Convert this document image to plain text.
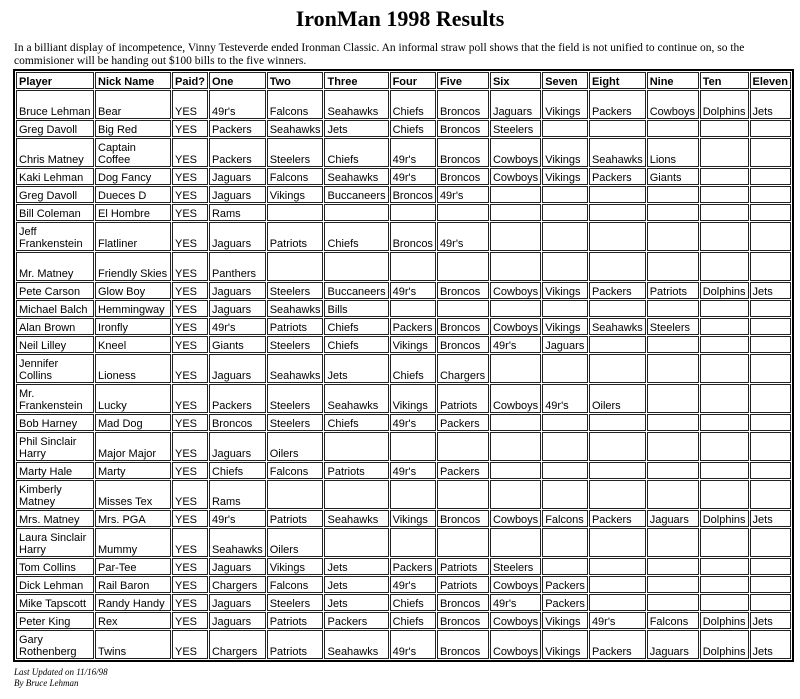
IronMan 1998 Results
In a billiant display of incompetence, Vinny Testeverde ended Ironman Classic. An informal straw poll shows that the field is not unified to continue on, so the commisioner will be handing out $100 bills to the five winners.
Player	Nick Name	Paid?	One	Two	Three	Four	Five	Six	Seven	Eight	Nine	Ten	Eleven
Bruce Lehman	Bear	YES	49r's	Falcons	Seahawks	Chiefs	Broncos	Jaguars	Vikings	Packers	Cowboys	Dolphins	Jets
Greg Davoll	Big Red	YES	Packers	Seahawks	Jets	Chiefs	Broncos	Steelers					
Chris Matney	Captain Coffee	YES	Packers	Steelers	Chiefs	49r's	Broncos	Cowboys	Vikings	Seahawks	Lions		
Kaki Lehman	Dog Fancy	YES	Jaguars	Falcons	Seahawks	49r's	Broncos	Cowboys	Vikings	Packers	Giants		
Greg Davoll	Dueces D	YES	Jaguars	Vikings	Buccaneers	Broncos	49r's						
Bill Coleman	El Hombre	YES	Rams										
Jeff Frankenstein	Flatliner	YES	Jaguars	Patriots	Chiefs	Broncos	49r's						
Mr. Matney	Friendly Skies	YES	Panthers										
Pete Carson	Glow Boy	YES	Jaguars	Steelers	Buccaneers	49r's	Broncos	Cowboys	Vikings	Packers	Patriots	Dolphins	Jets
Michael Balch	Hemmingway	YES	Jaguars	Seahawks	Bills								
Alan Brown	Ironfly	YES	49r's	Patriots	Chiefs	Packers	Broncos	Cowboys	Vikings	Seahawks	Steelers		
Neil Lilley	Kneel	YES	Giants	Steelers	Chiefs	Vikings	Broncos	49r's	Jaguars				
Jennifer Collins	Lioness	YES	Jaguars	Seahawks	Jets	Chiefs	Chargers						
Mr. Frankenstein	Lucky	YES	Packers	Steelers	Seahawks	Vikings	Patriots	Cowboys	49r's	Oilers			
Bob Harney	Mad Dog	YES	Broncos	Steelers	Chiefs	49r's	Packers						
Phil Sinclair Harry	Major Major	YES	Jaguars	Oilers									
Marty Hale	Marty	YES	Chiefs	Falcons	Patriots	49r's	Packers						
Kimberly Matney	Misses Tex	YES	Rams										
Mrs. Matney	Mrs. PGA	YES	49r's	Patriots	Seahawks	Vikings	Broncos	Cowboys	Falcons	Packers	Jaguars	Dolphins	Jets
Laura Sinclair Harry	Mummy	YES	Seahawks	Oilers									
Tom Collins	Par-Tee	YES	Jaguars	Vikings	Jets	Packers	Patriots	Steelers					
Dick Lehman	Rail Baron	YES	Chargers	Falcons	Jets	49r's	Patriots	Cowboys	Packers				
Mike Tapscott	Randy Handy	YES	Jaguars	Steelers	Jets	Chiefs	Broncos	49r's	Packers				
Peter King	Rex	YES	Jaguars	Patriots	Packers	Chiefs	Broncos	Cowboys	Vikings	49r's	Falcons	Dolphins	Jets
Gary Rothenberg	Twins	YES	Chargers	Patriots	Seahawks	49r's	Broncos	Cowboys	Vikings	Packers	Jaguars	Dolphins	Jets
Last Updated on 11/16/98
By Bruce Lehman
